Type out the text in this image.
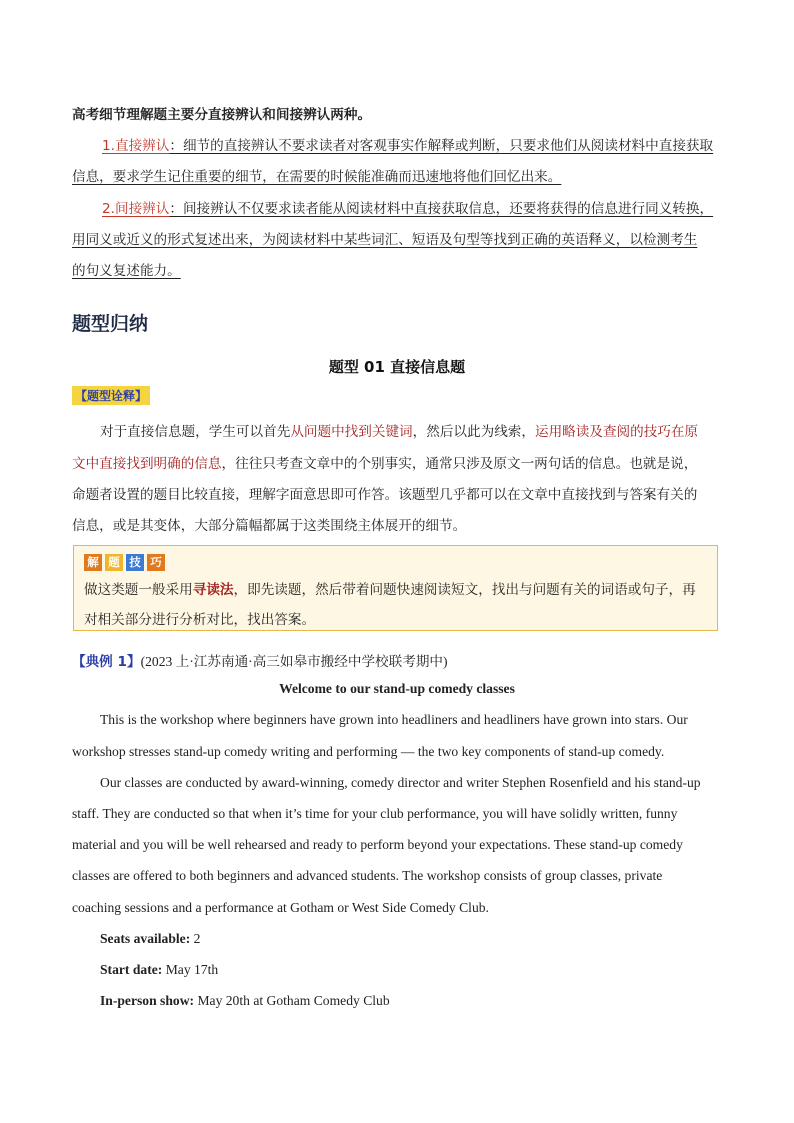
高考细节理解题主要分直接辨认和间接辨认两种。
1.直接辨认：细节的直接辨认不要求读者对客观事实作解释或判断，只要求他们从阅读材料中直接获取
信息，要求学生记住重要的细节，在需要的时候能准确而迅速地将他们回忆出来。
2.间接辨认：间接辨认不仅要求读者能从阅读材料中直接获取信息，还要将获得的信息进行同义转换，
用同义或近义的形式复述出来，为阅读材料中某些词汇、短语及句型等找到正确的英语释义，以检测考生
的句义复述能力。
题型归纳
题型 01 直接信息题
【题型诠释】
对于直接信息题，学生可以首先从问题中找到关键词，然后以此为线索，运用略读及查阅的技巧在原
文中直接找到明确的信息，往往只考查文章中的个别事实，通常只涉及原文一两句话的信息。也就是说，
命题者设置的题目比较直接，理解字面意思即可作答。该题型几乎都可以在文章中直接找到与答案有关的
信息，或是其变体，大部分篇幅都属于这类围绕主体展开的细节。
解 题 技 巧
做这类题一般采用寻读法，即先读题，然后带着问题快速阅读短文，找出与问题有关的词语或句子，再
对相关部分进行分析对比，找出答案。
【典例 1】(2023 上·江苏南通·高三如皋市搬经中学校联考期中)
Welcome to our stand-up comedy classes
This is the workshop where beginners have grown into headliners and headliners have grown into stars. Our
workshop stresses stand-up comedy writing and performing — the two key components of stand-up comedy.
Our classes are conducted by award-winning, comedy director and writer Stephen Rosenfield and his stand-up
staff. They are conducted so that when it’s time for your club performance, you will have solidly written, funny
material and you will be well rehearsed and ready to perform beyond your expectations. These stand-up comedy
classes are offered to both beginners and advanced students. The workshop consists of group classes, private
coaching sessions and a performance at Gotham or West Side Comedy Club.
Seats available: 2
Start date: May 17th
In-person show: May 20th at Gotham Comedy Club
